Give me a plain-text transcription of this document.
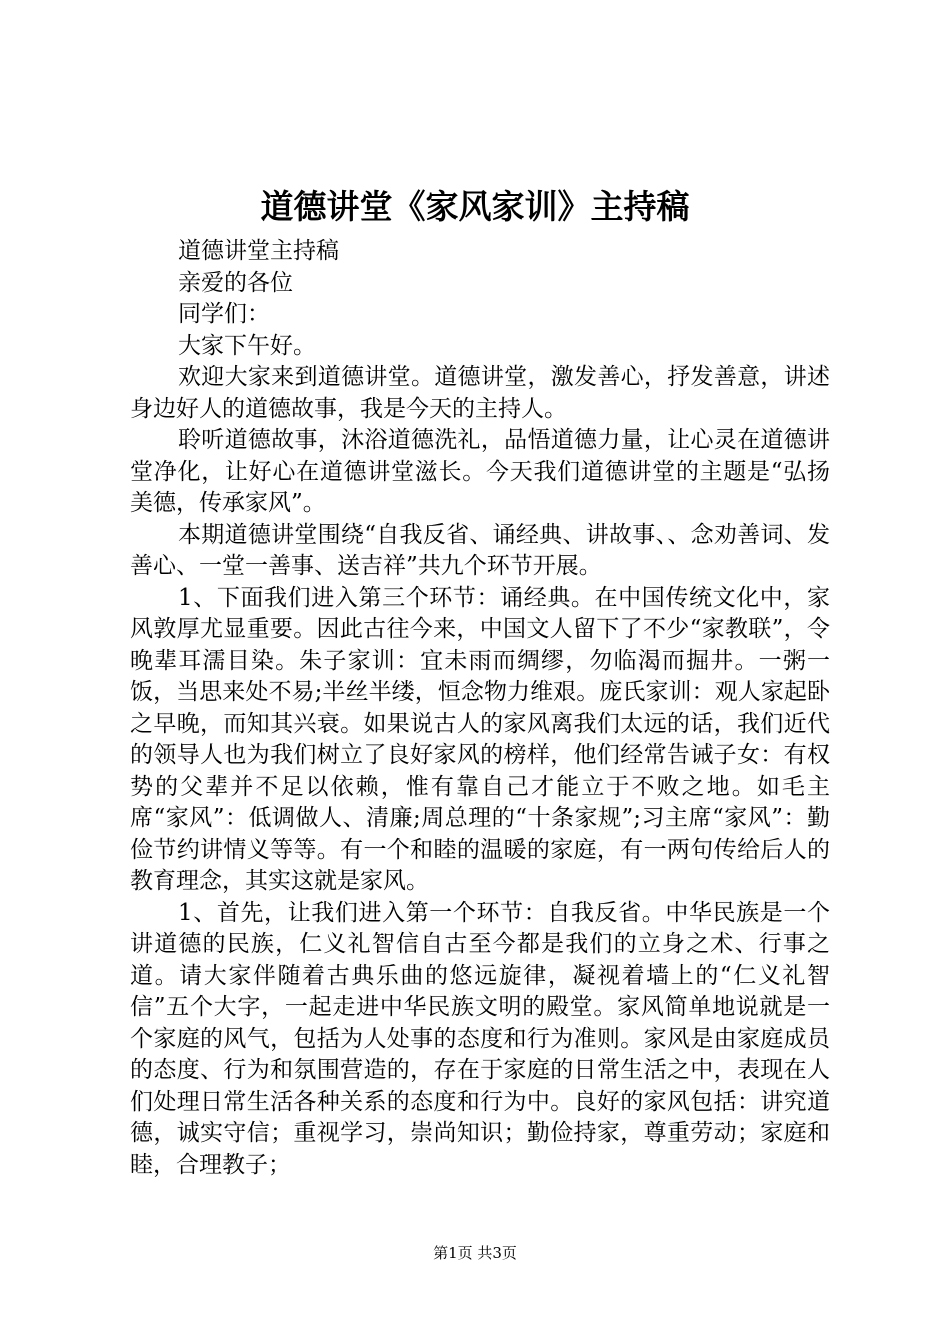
道德讲堂《家风家训》主持稿

道德讲堂主持稿

亲爱的各位

同学们：

大家下午好。

欢迎大家来到道德讲堂。道德讲堂，激发善心，抒发善意，讲述身边好人的道德故事，我是今天的主持人。

聆听道德故事，沐浴道德洗礼，品悟道德力量，让心灵在道德讲堂净化，让好心在道德讲堂滋长。今天我们道德讲堂的主题是“弘扬美德，传承家风”。

本期道德讲堂围绕“自我反省、诵经典、讲故事、、念劝善词、发善心、一堂一善事、送吉祥”共九个环节开展。

1、下面我们进入第三个环节：诵经典。在中国传统文化中，家风敦厚尤显重要。因此古往今来，中国文人留下了不少“家教联”，令晚辈耳濡目染。朱子家训：宜未雨而绸缪，勿临渴而掘井。一粥一饭，当思来处不易;半丝半缕，恒念物力维艰。庞氏家训：观人家起卧之早晚，而知其兴衰。如果说古人的家风离我们太远的话，我们近代的领导人也为我们树立了良好家风的榜样，他们经常告诫子女：有权势的父辈并不足以依赖，惟有靠自己才能立于不败之地。如毛主席“家风”：低调做人、清廉;周总理的“十条家规”;习主席“家风”：勤俭节约讲情义等等。有一个和睦的温暖的家庭，有一两句传给后人的教育理念，其实这就是家风。

1、首先，让我们进入第一个环节：自我反省。中华民族是一个讲道德的民族，仁义礼智信自古至今都是我们的立身之术、行事之道。请大家伴随着古典乐曲的悠远旋律，凝视着墙上的“仁义礼智信”五个大字，一起走进中华民族文明的殿堂。家风简单地说就是一个家庭的风气，包括为人处事的态度和行为准则。家风是由家庭成员的态度、行为和氛围营造的，存在于家庭的日常生活之中，表现在人们处理日常生活各种关系的态度和行为中。良好的家风包括：讲究道德，诚实守信；重视学习，崇尚知识；勤俭持家，尊重劳动；家庭和睦，合理教子；

第1页 共3页
